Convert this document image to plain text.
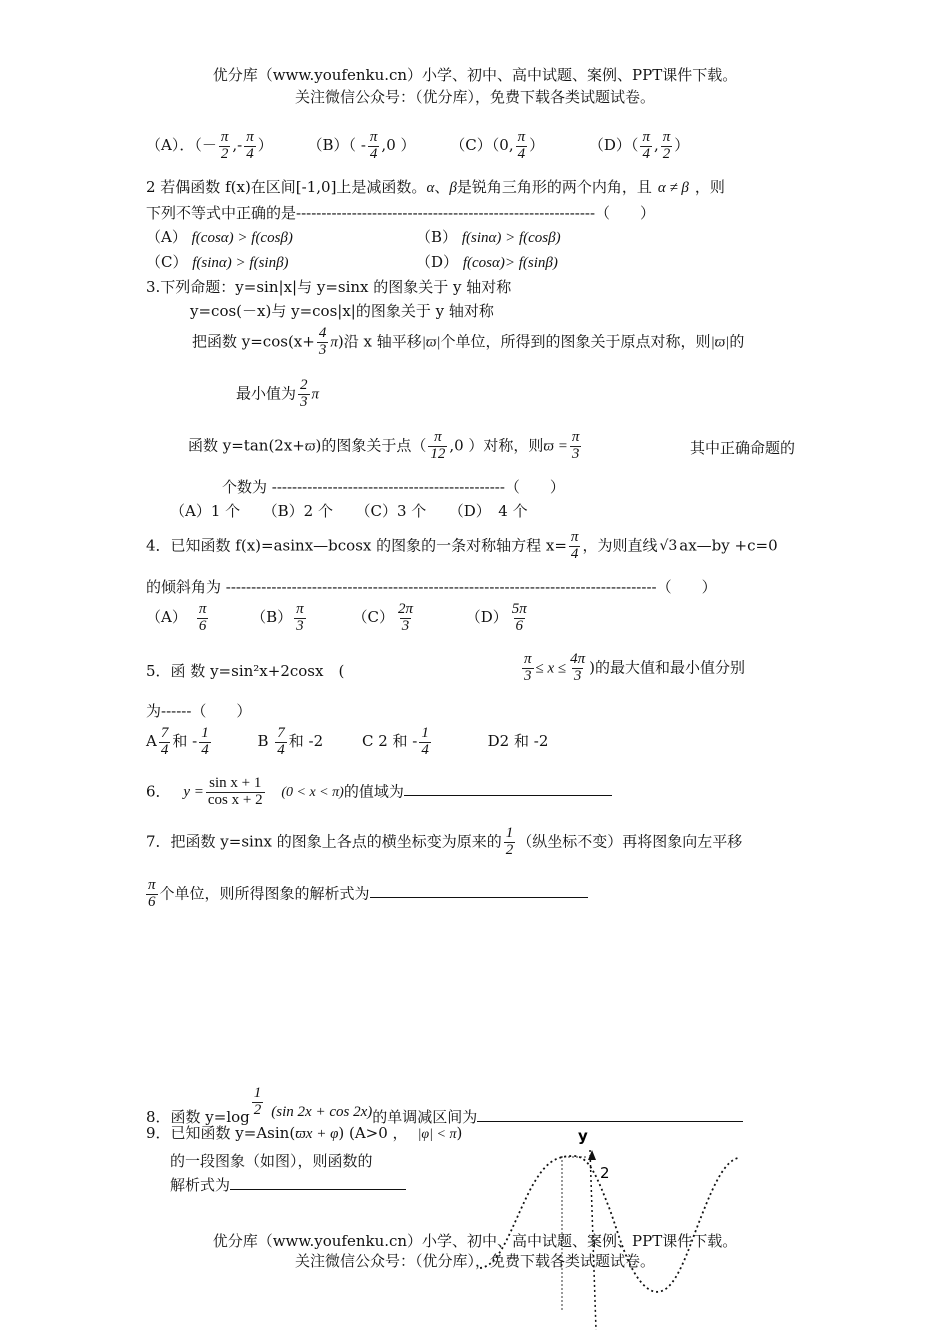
优分库（www.youfenku.cn）小学、初中、高中试题、案例、PPT课件下载。
关注微信公众号：（优分库），免费下载各类试题试卷。
（A）．（－ $\frac{\pi}{2}$ ,- $\frac{\pi}{4}$ ） $(B)( - \frac{\pi}{4} ,0$ ） （C）（0, $\frac{\pi}{4}$ ）	$(D)( \frac{\pi}{4}$ , $\frac{\pi}{2}$ ）
2 若偶函数 f(x)在区间[-1,0]上是减函数。α、β是锐角三角形的两个内角，且 α ≠ β ，则
下列不等式中正确的是-----------------------------------------------------------（　　）
（A） f(cosα) > f(cosβ)	（B） f(sinα) > f(cosβ)
（C） f(sinα) > f(sinβ)	（D） f(cosα)> f(sinβ)
3.下列命题：y=sin|x|与 y=sinx 的图象关于 y 轴对称
y=cos(－x)与 y=cos|x|的图象关于 y 轴对称
把函数 $y=\cos(x+ \frac{4}{3} \pi)$沿 x 轴平移|ϖ|个单位，所得到的图象关于原点对称，则|ϖ|的
最小值为 $\frac{2}{3}$ π
函数 y=tan(2x+ϖ)的图象关于点（ $\frac{\pi}{12} ,0$ ）对称，则$ϖ = \frac{\pi}{3}$	其中正确命题的
个数为 ----------------------------------------------（　　）
（A）1 个　　（B）2 个　　（C）3 个　　（D）　4 个
4．已知函数 f(x)=asinx—bcosx 的图象的一条对称轴方程 $x= \frac{\pi}{4}$ ，为则直线 √3 ax—by +c=0
的倾斜角为 -------------------------------------------------------------------------------------（　　）
$(A) \frac{\pi}{6}$	$(B) \frac{\pi}{3}$	$(C) \frac{2\pi}{3}$	$(D) \frac{5\pi}{6}$
5．函 数 y=sin²x+2cosx　(	$\frac{\pi}{3} \le x \le \frac{4\pi}{3}$ )的最大值和最小值分别
为------（　　）
A $\frac{7}{4}$ 和 - $\frac{1}{4}$	B $\frac{7}{4}$ 和 -2	C 2 和 - $\frac{1}{4}$	D2 和 -2
6． $y = \frac{\text{sin x + 1}}{\text{cos x + 2}} (0 < x < \pi)$的值域为
7．把函数 y=sinx 的图象上各点的横坐标变为原来的 $\frac{1}{2}$ （纵坐标不变）再将图象向左平移
$\frac{\pi}{6}$ 个单位，则所得图象的解析式为
8．函数 $y=\log \frac{1}{2} (\sin$ 2x + cos 2x)的单调减区间为
9．已知函数 y=Asin(ϖx + φ) (A>0 ， |φ| < π)
的一段图象（如图），则函数的
解析式为
y
2
优分库（www.youfenku.cn）小学、初中、高中试题、案例、PPT课件下载。
关注微信公众号：（优分库），免费下载各类试题试卷。
